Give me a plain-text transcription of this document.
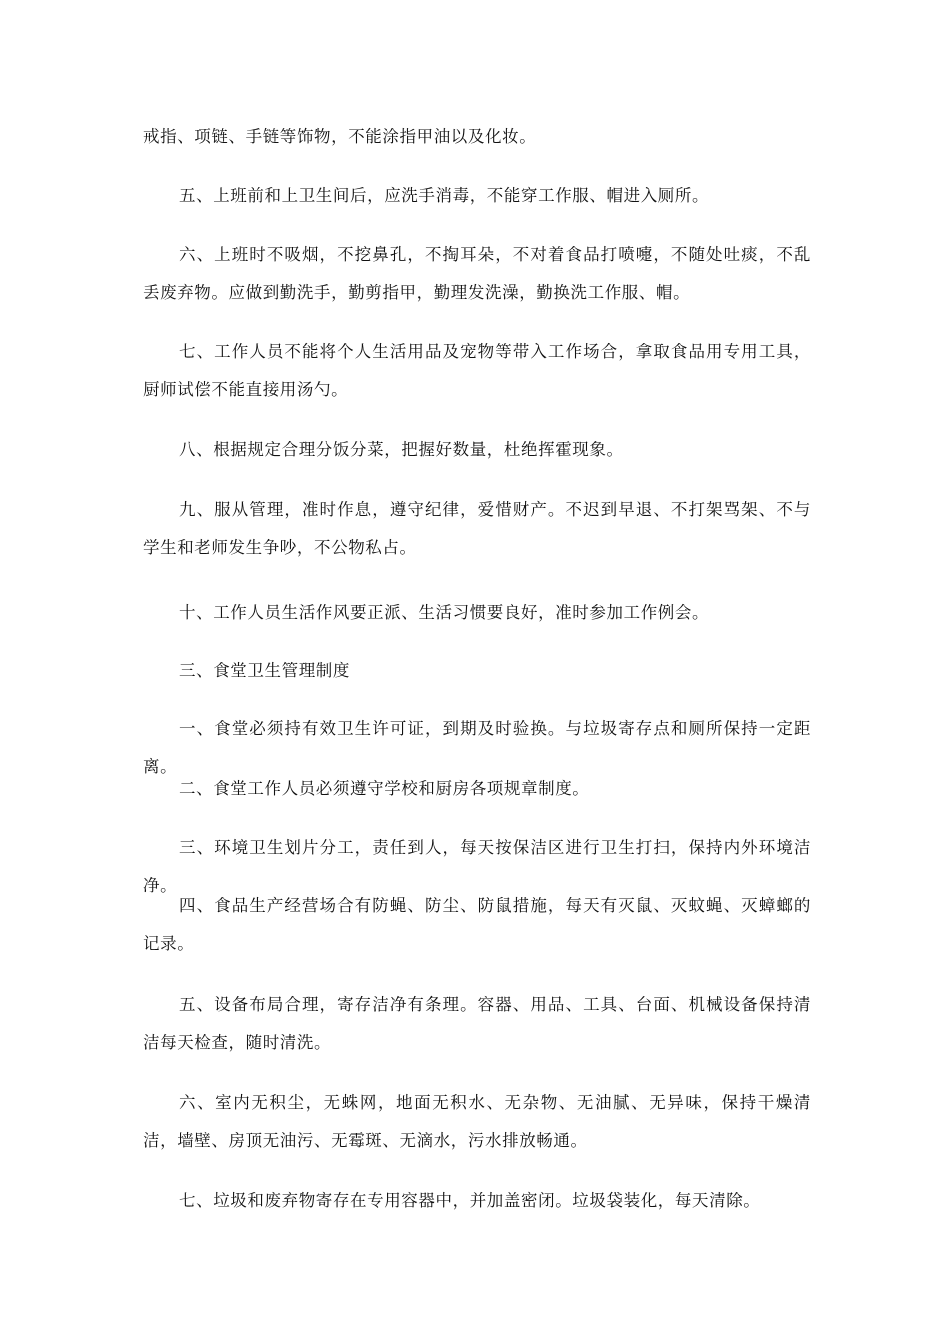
戒指、项链、手链等饰物，不能涂指甲油以及化妆。

五、上班前和上卫生间后，应洗手消毒，不能穿工作服、帽进入厕所。

六、上班时不吸烟，不挖鼻孔，不掏耳朵，不对着食品打喷嚏，不随处吐痰，不乱丢废弃物。应做到勤洗手，勤剪指甲，勤理发洗澡，勤换洗工作服、帽。

七、工作人员不能将个人生活用品及宠物等带入工作场合，拿取食品用专用工具，厨师试偿不能直接用汤勺。

八、根据规定合理分饭分菜，把握好数量，杜绝挥霍现象。

九、服从管理，准时作息，遵守纪律，爱惜财产。不迟到早退、不打架骂架、不与学生和老师发生争吵，不公物私占。

十、工作人员生活作风要正派、生活习惯要良好，准时参加工作例会。

三、食堂卫生管理制度

一、食堂必须持有效卫生许可证，到期及时验换。与垃圾寄存点和厕所保持一定距离。

二、食堂工作人员必须遵守学校和厨房各项规章制度。

三、环境卫生划片分工，责任到人，每天按保洁区进行卫生打扫，保持内外环境洁净。

四、食品生产经营场合有防蝇、防尘、防鼠措施，每天有灭鼠、灭蚊蝇、灭蟑螂的记录。

五、设备布局合理，寄存洁净有条理。容器、用品、工具、台面、机械设备保持清洁每天检查，随时清洗。

六、室内无积尘，无蛛网，地面无积水、无杂物、无油腻、无异味，保持干燥清洁，墙壁、房顶无油污、无霉斑、无滴水，污水排放畅通。

七、垃圾和废弃物寄存在专用容器中，并加盖密闭。垃圾袋装化，每天清除。
